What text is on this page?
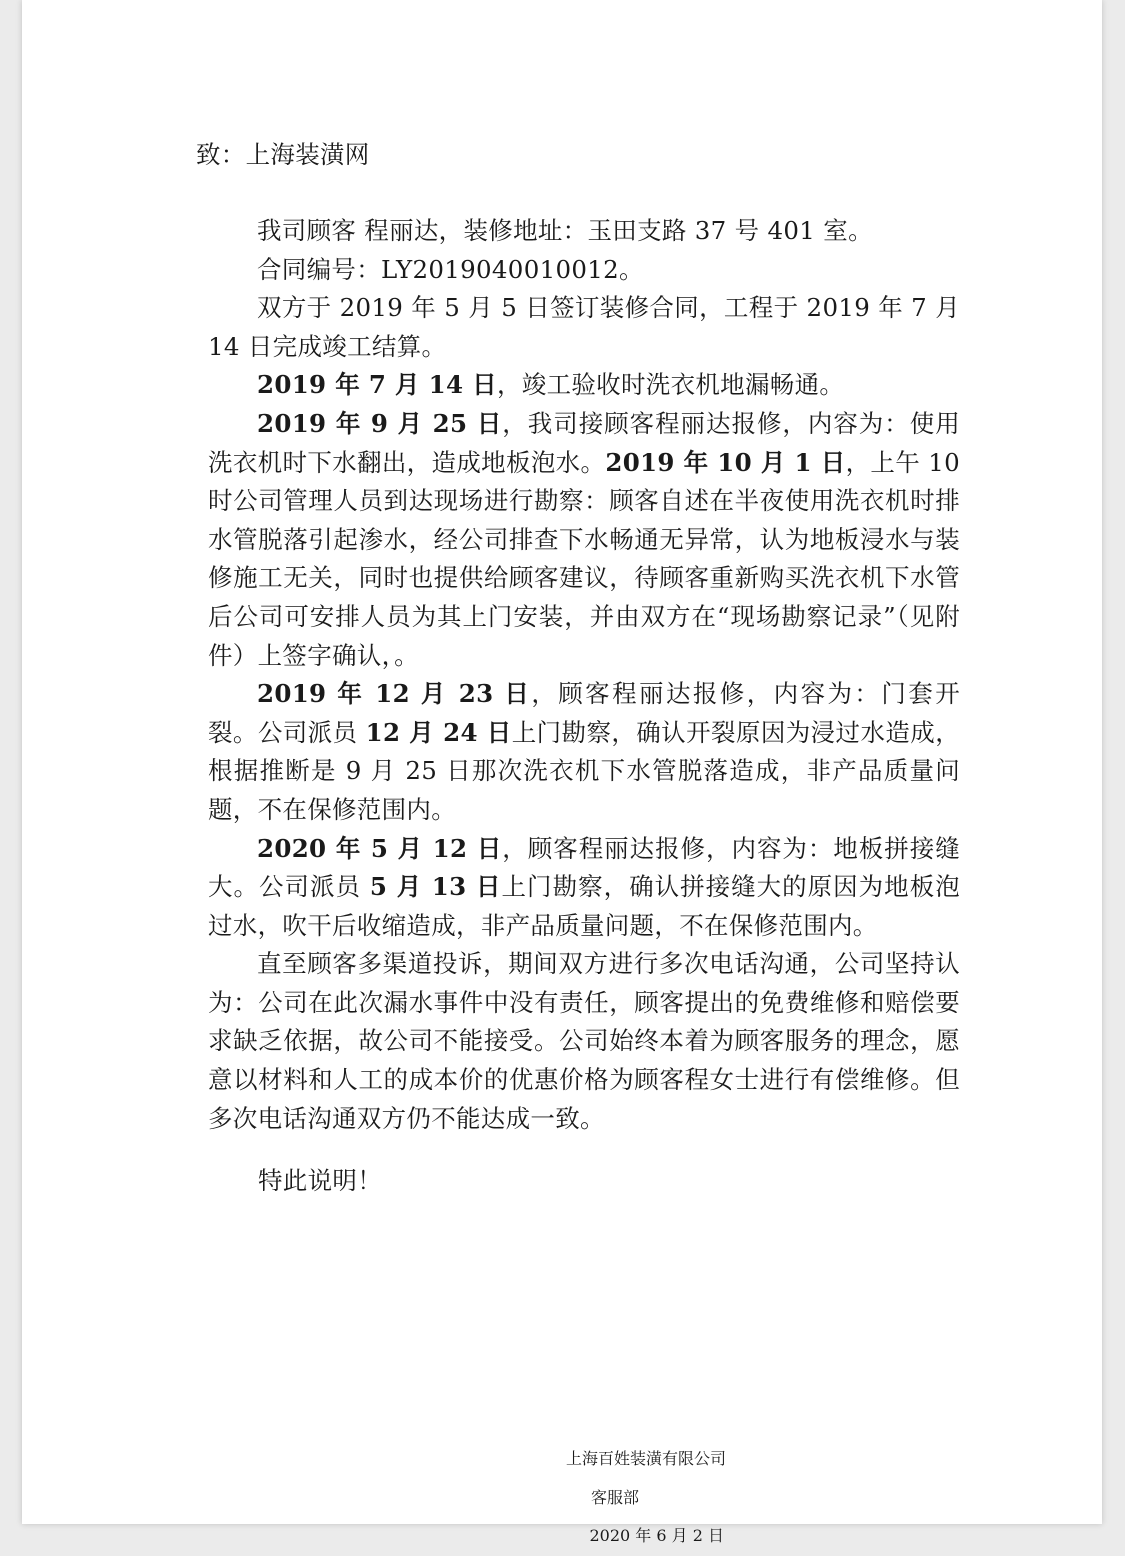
致：上海装潢网

我司顾客 程丽达，装修地址：玉田支路 37 号 401 室。

合同编号：LY2019040010012。

双方于 2019 年 5 月 5 日签订装修合同，工程于 2019 年 7 月 14 日完成竣工结算。

2019 年 7 月 14 日，竣工验收时洗衣机地漏畅通。

2019 年 9 月 25 日，我司接顾客程丽达报修，内容为：使用洗衣机时下水翻出，造成地板泡水。2019 年 10 月 1 日，上午 10 时公司管理人员到达现场进行勘察：顾客自述在半夜使用洗衣机时排水管脱落引起渗水，经公司排查下水畅通无异常，认为地板浸水与装修施工无关，同时也提供给顾客建议，待顾客重新购买洗衣机下水管后公司可安排人员为其上门安装，并由双方在“现场勘察记录”（见附件）上签字确认，。

2019 年 12 月 23 日，顾客程丽达报修，内容为：门套开裂。公司派员 12 月 24 日上门勘察，确认开裂原因为浸过水造成，根据推断是 9 月 25 日那次洗衣机下水管脱落造成，非产品质量问题，不在保修范围内。

2020 年 5 月 12 日，顾客程丽达报修，内容为：地板拼接缝大。公司派员 5 月 13 日上门勘察，确认拼接缝大的原因为地板泡过水，吹干后收缩造成，非产品质量问题，不在保修范围内。

直至顾客多渠道投诉，期间双方进行多次电话沟通，公司坚持认为：公司在此次漏水事件中没有责任，顾客提出的免费维修和赔偿要求缺乏依据，故公司不能接受。公司始终本着为顾客服务的理念，愿意以材料和人工的成本价的优惠价格为顾客程女士进行有偿维修。但多次电话沟通双方仍不能达成一致。

特此说明！
上海百姓装潢有限公司
客服部
2020 年 6 月 2 日
